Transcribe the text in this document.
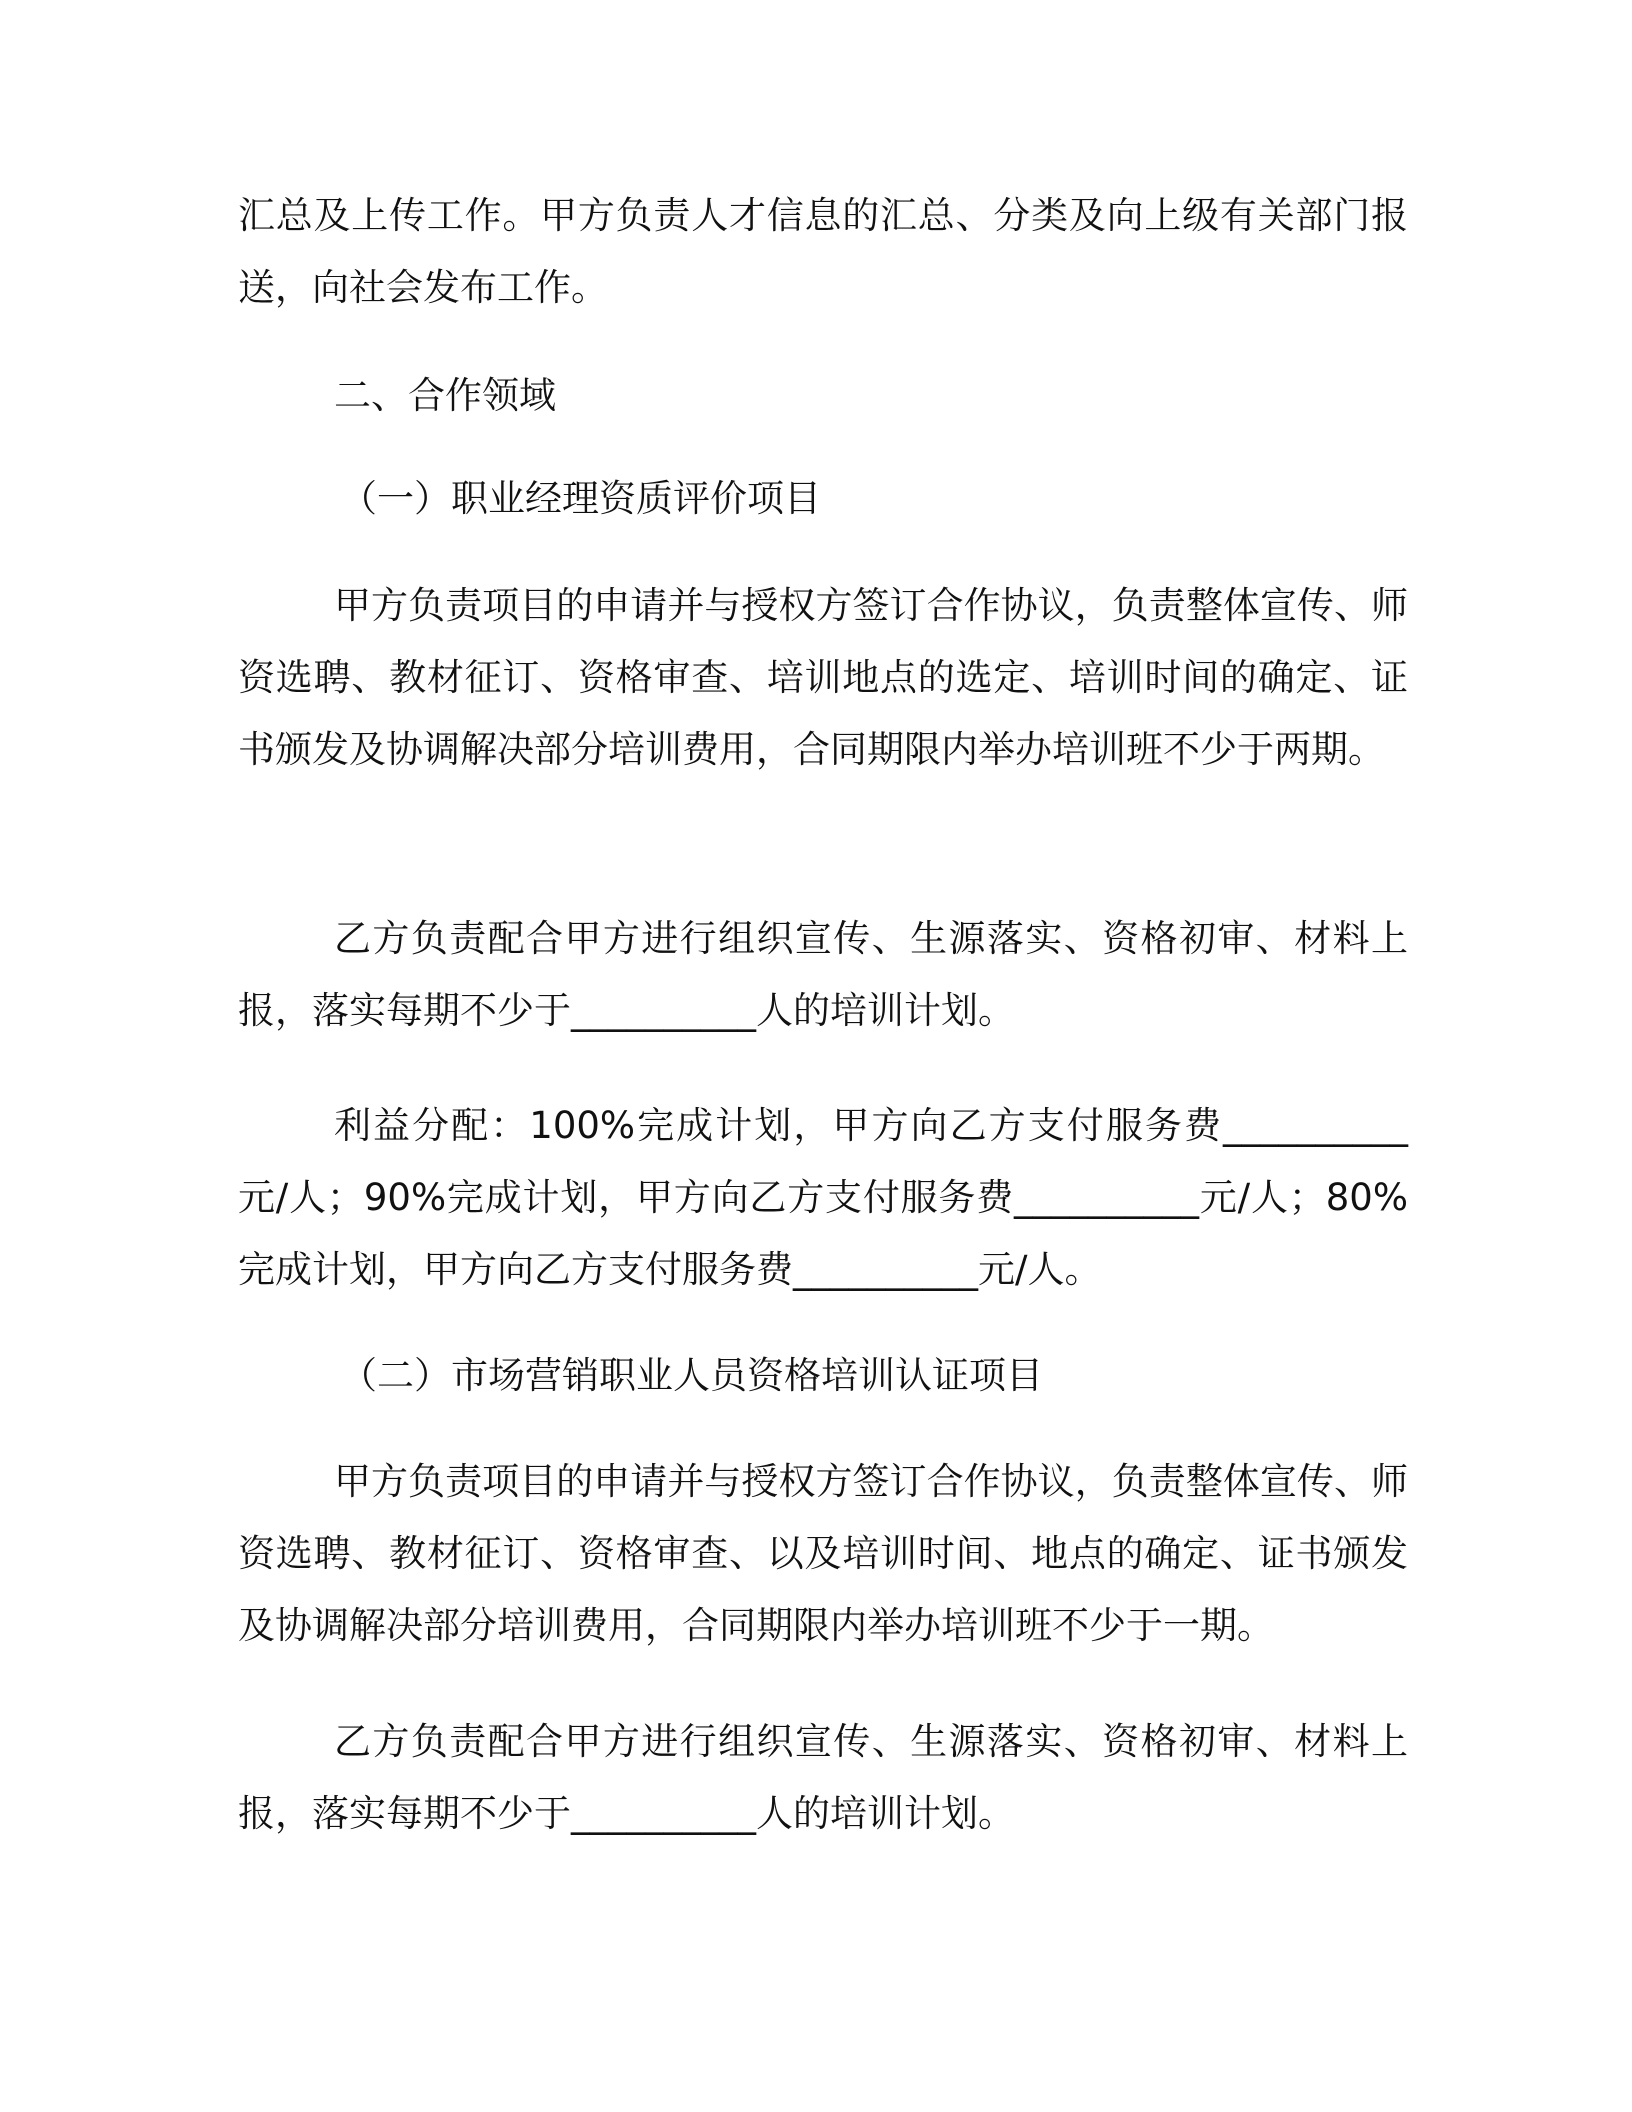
汇总及上传工作。甲方负责人才信息的汇总、分类及向上级有关部门报送，向社会发布工作。

二、合作领域

（一）职业经理资质评价项目

甲方负责项目的申请并与授权方签订合作协议，负责整体宣传、师资选聘、教材征订、资格审查、培训地点的选定、培训时间的确定、证书颁发及协调解决部分培训费用，合同期限内举办培训班不少于两期。

乙方负责配合甲方进行组织宣传、生源落实、资格初审、材料上报，落实每期不少于__________人的培训计划。

利益分配：100%完成计划，甲方向乙方支付服务费__________元/人；90%完成计划，甲方向乙方支付服务费__________元/人；80%完成计划，甲方向乙方支付服务费__________元/人。

（二）市场营销职业人员资格培训认证项目

甲方负责项目的申请并与授权方签订合作协议，负责整体宣传、师资选聘、教材征订、资格审查、以及培训时间、地点的确定、证书颁发及协调解决部分培训费用，合同期限内举办培训班不少于一期。

乙方负责配合甲方进行组织宣传、生源落实、资格初审、材料上报，落实每期不少于__________人的培训计划。
